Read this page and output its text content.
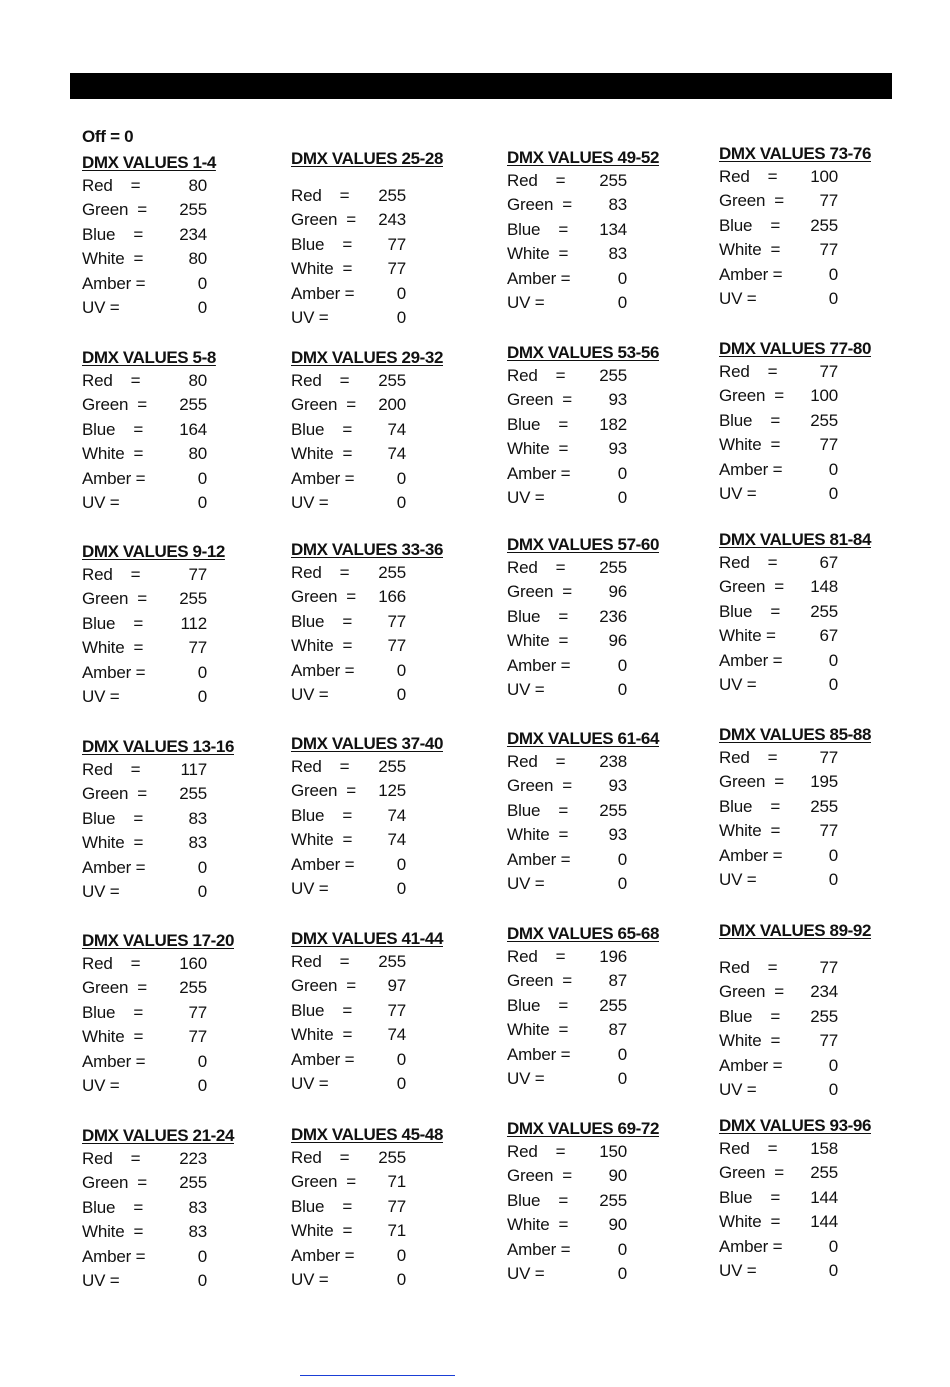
Off = 0
DMX VALUES 1-4
Red    =	80
Green  =	255
Blue    =	234
White  =	80
Amber =	0
UV =	0
DMX VALUES 5-8
Red    =	80
Green  =	255
Blue    =	164
White  =	80
Amber =	0
UV =	0
DMX VALUES 9-12
Red    =	77
Green  =	255
Blue    =	112
White  =	77
Amber =	0
UV =	0
DMX VALUES 13-16
Red    =	117
Green  =	255
Blue    =	83
White  =	83
Amber =	0
UV =	0
DMX VALUES 17-20
Red    =	160
Green  =	255
Blue    =	77
White  =	77
Amber =	0
UV =	0
DMX VALUES 21-24
Red    =	223
Green  =	255
Blue    =	83
White  =	83
Amber =	0
UV =	0
DMX VALUES 25-28
Red    =	255
Green  =	243
Blue    =	77
White  =	77
Amber =	0
UV =	0
DMX VALUES 29-32
Red    =	255
Green  =	200
Blue    =	74
White  =	74
Amber =	0
UV =	0
DMX VALUES 33-36
Red    =	255
Green  =	166
Blue    =	77
White  =	77
Amber =	0
UV =	0
DMX VALUES 37-40
Red    =	255
Green  =	125
Blue    =	74
White  =	74
Amber =	0
UV =	0
DMX VALUES 41-44
Red    =	255
Green  =	97
Blue    =	77
White  =	74
Amber =	0
UV =	0
DMX VALUES 45-48
Red    =	255
Green  =	71
Blue    =	77
White  =	71
Amber =	0
UV =	0
DMX VALUES 49-52
Red    =	255
Green  =	83
Blue    =	134
White  =	83
Amber =	0
UV =	0
DMX VALUES 53-56
Red    =	255
Green  =	93
Blue    =	182
White  =	93
Amber =	0
UV =	0
DMX VALUES 57-60
Red    =	255
Green  =	96
Blue    =	236
White  =	96
Amber =	0
UV =	0
DMX VALUES 61-64
Red    =	238
Green  =	93
Blue    =	255
White  =	93
Amber =	0
UV =	0
DMX VALUES 65-68
Red    =	196
Green  =	87
Blue    =	255
White  =	87
Amber =	0
UV =	0
DMX VALUES 69-72
Red    =	150
Green  =	90
Blue    =	255
White  =	90
Amber =	0
UV =	0
DMX VALUES 73-76
Red    =	100
Green  =	77
Blue    =	255
White  =	77
Amber =	0
UV =	0
DMX VALUES 77-80
Red    =	77
Green  =	100
Blue    =	255
White  =	77
Amber =	0
UV =	0
DMX VALUES 81-84
Red    =	67
Green  =	148
Blue    =	255
White =	67
Amber =	0
UV =	0
DMX VALUES 85-88
Red    =	77
Green  =	195
Blue    =	255
White  =	77
Amber =	0
UV =	0
DMX VALUES 89-92
Red    =	77
Green  =	234
Blue    =	255
White  =	77
Amber =	0
UV =	0
DMX VALUES 93-96
Red    =	158
Green  =	255
Blue    =	144
White  =	144
Amber =	0
UV =	0
